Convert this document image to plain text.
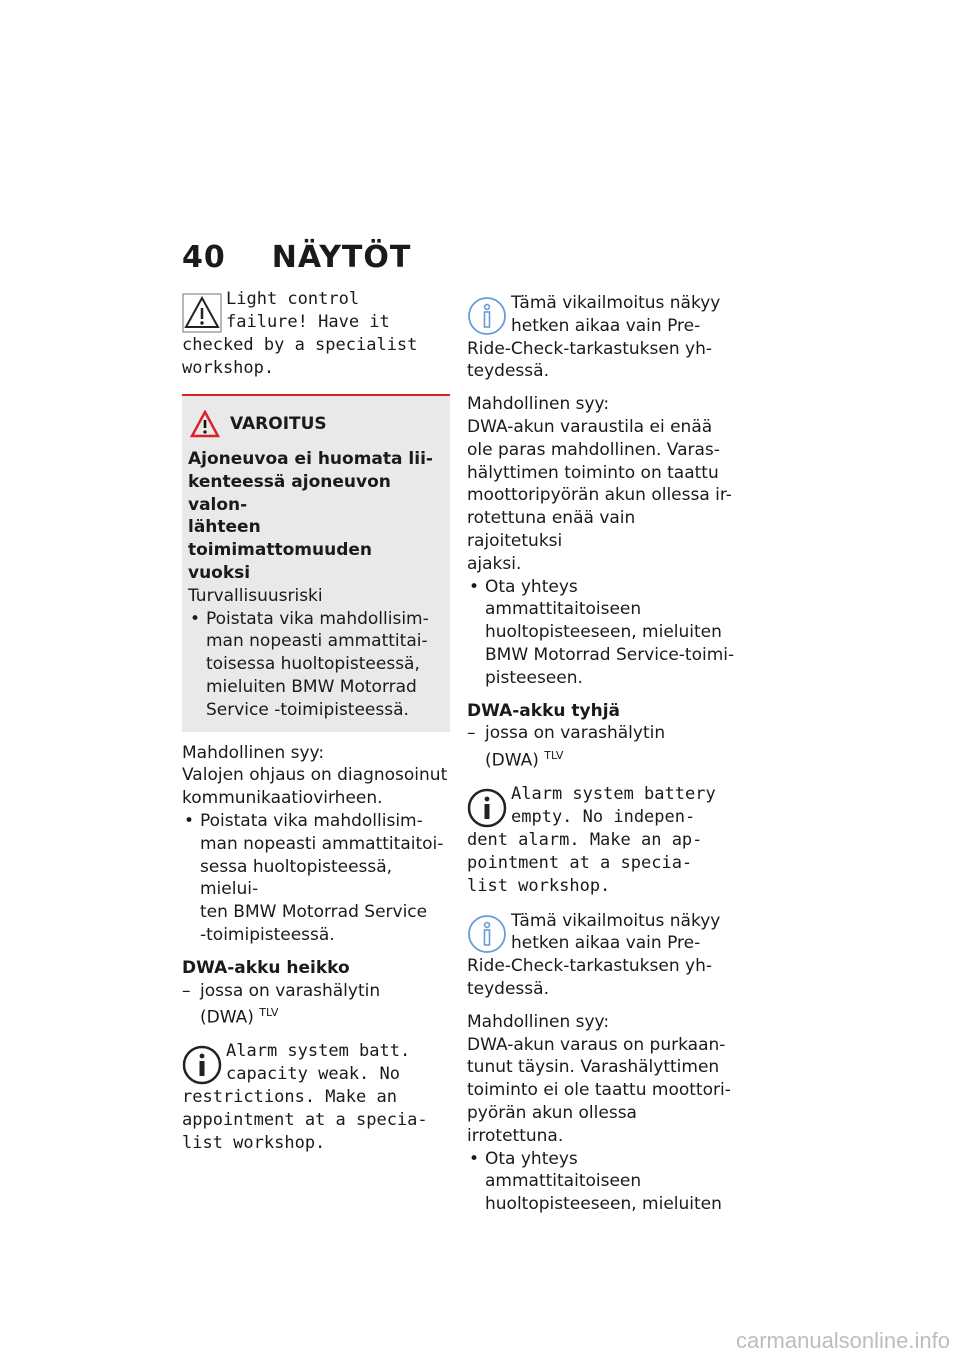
40 NÄYTÖT
Light control
failure! Have it
checked by a specialist
workshop.
VAROITUS
Ajoneuvoa ei huomata lii-
kenteessä ajoneuvon valon-
lähteen toimimattomuuden
vuoksi
Turvallisuusriski
• Poistata vika mahdollisim-
man nopeasti ammattitai-
toisessa huoltopisteessä,
mieluiten BMW Motorrad
Service -toimipisteessä.
Mahdollinen syy:
Valojen ohjaus on diagnosoinut
kommunikaatiovirheen.
• Poistata vika mahdollisim-
man nopeasti ammattitaitoi-
sessa huoltopisteessä, mielui-
ten BMW Motorrad Service
-toimipisteessä.
DWA-akku heikko
– jossa on varashälytin
(DWA) $^{TLV}$
Alarm system batt.
capacity weak. No
restrictions. Make an
appointment at a specia-
list workshop.
Tämä vikailmoitus näkyy
hetken aikaa vain Pre-
Ride-Check-tarkastuksen yh-
teydessä.
Mahdollinen syy:
DWA-akun varaustila ei enää
ole paras mahdollinen. Varas-
hälyttimen toiminto on taattu
moottoripyörän akun ollessa ir-
rotettuna enää vain rajoitetuksi
ajaksi.
• Ota yhteys ammattitaitoiseen
huoltopisteeseen, mieluiten
BMW Motorrad Service-toimi-
pisteeseen.
DWA-akku tyhjä
– jossa on varashälytin
(DWA) $^{TLV}$
Alarm system battery
empty. No indepen-
dent alarm. Make an ap-
pointment at a specia-
list workshop.
Tämä vikailmoitus näkyy
hetken aikaa vain Pre-
Ride-Check-tarkastuksen yh-
teydessä.
Mahdollinen syy:
DWA-akun varaus on purkaan-
tunut täysin. Varashälyttimen
toiminto ei ole taattu moottori-
pyörän akun ollessa irrotettuna.
• Ota yhteys ammattitaitoiseen
huoltopisteeseen, mieluiten
carmanualsonline.info
